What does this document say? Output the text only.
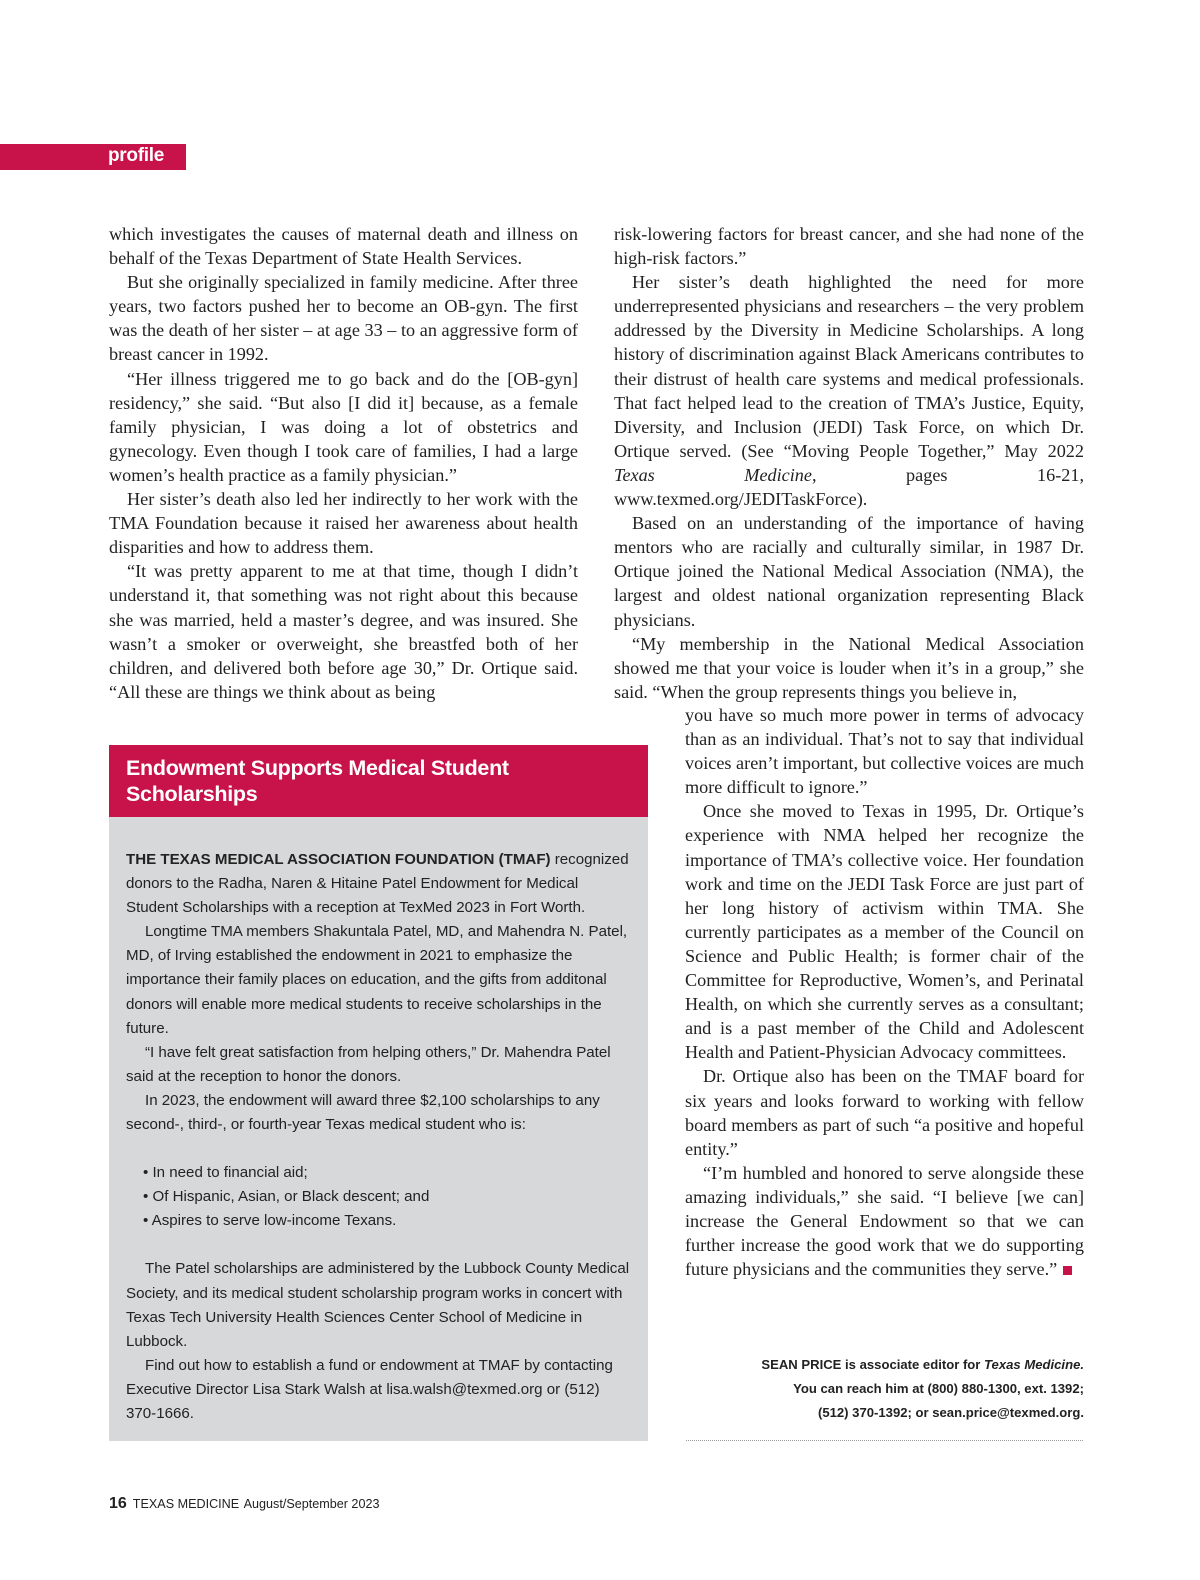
profile

which investigates the causes of maternal death and illness on behalf of the Texas Department of State Health Services.

But she originally specialized in family medicine. After three years, two factors pushed her to become an OB-gyn. The first was the death of her sister – at age 33 – to an aggressive form of breast cancer in 1992.

“Her illness triggered me to go back and do the [OB-gyn] residency,” she said. “But also [I did it] because, as a female family physician, I was doing a lot of obstetrics and gynecology. Even though I took care of families, I had a large women’s health practice as a family physician.”

Her sister’s death also led her indirectly to her work with the TMA Foundation because it raised her awareness about health disparities and how to address them.

“It was pretty apparent to me at that time, though I didn’t understand it, that something was not right about this because she was married, held a master’s degree, and was insured. She wasn’t a smoker or overweight, she breastfed both of her children, and delivered both before age 30,” Dr. Ortique said. “All these are things we think about as being

risk-lowering factors for breast cancer, and she had none of the high-risk factors.”

Her sister’s death highlighted the need for more underrepresented physicians and researchers – the very problem addressed by the Diversity in Medicine Scholarships. A long history of discrimination against Black Americans contributes to their distrust of health care systems and medical professionals. That fact helped lead to the creation of TMA’s Justice, Equity, Diversity, and Inclusion (JEDI) Task Force, on which Dr. Ortique served. (See “Moving People Together,” May 2022 Texas Medicine, pages 16-21, www.texmed.org/JEDITaskForce).

Based on an understanding of the importance of having mentors who are racially and culturally similar, in 1987 Dr. Ortique joined the National Medical Association (NMA), the largest and oldest national organization representing Black physicians.

“My membership in the National Medical Association showed me that your voice is louder when it’s in a group,” she said. “When the group represents things you believe in,

you have so much more power in terms of advocacy than as an individual. That’s not to say that individual voices aren’t important, but collective voices are much more difficult to ignore.”

Once she moved to Texas in 1995, Dr. Ortique’s experience with NMA helped her recognize the importance of TMA’s collective voice. Her foundation work and time on the JEDI Task Force are just part of her long history of activism within TMA. She currently participates as a member of the Council on Science and Public Health; is former chair of the Committee for Reproductive, Women’s, and Perinatal Health, on which she currently serves as a consultant; and is a past member of the Child and Adolescent Health and Patient-Physician Advocacy committees.

Dr. Ortique also has been on the TMAF board for six years and looks forward to working with fellow board members as part of such “a positive and hopeful entity.”

“I’m humbled and honored to serve alongside these amazing individuals,” she said. “I believe [we can] increase the General Endowment so that we can further increase the good work that we do supporting future physicians and the communities they serve.”

Endowment Supports Medical Student Scholarships

THE TEXAS MEDICAL ASSOCIATION FOUNDATION (TMAF) recognized donors to the Radha, Naren & Hitaine Patel Endowment for Medical Student Scholarships with a reception at TexMed 2023 in Fort Worth.

Longtime TMA members Shakuntala Patel, MD, and Mahendra N. Patel, MD, of Irving established the endowment in 2021 to emphasize the importance their family places on education, and the gifts from additonal donors will enable more medical students to receive scholarships in the future.

“I have felt great satisfaction from helping others,” Dr. Mahendra Patel said at the reception to honor the donors.

In 2023, the endowment will award three $2,100 scholarships to any second-, third-, or fourth-year Texas medical student who is:

• In need to financial aid;
• Of Hispanic, Asian, or Black descent; and
• Aspires to serve low-income Texans.

The Patel scholarships are administered by the Lubbock County Medical Society, and its medical student scholarship program works in concert with Texas Tech University Health Sciences Center School of Medicine in Lubbock.

Find out how to establish a fund or endowment at TMAF by contacting Executive Director Lisa Stark Walsh at lisa.walsh@texmed.org or (512) 370-1666.

SEAN PRICE is associate editor for Texas Medicine.
You can reach him at (800) 880-1300, ext. 1392;
(512) 370-1392; or sean.price@texmed.org.
16 TEXAS MEDICINE August/September 2023
